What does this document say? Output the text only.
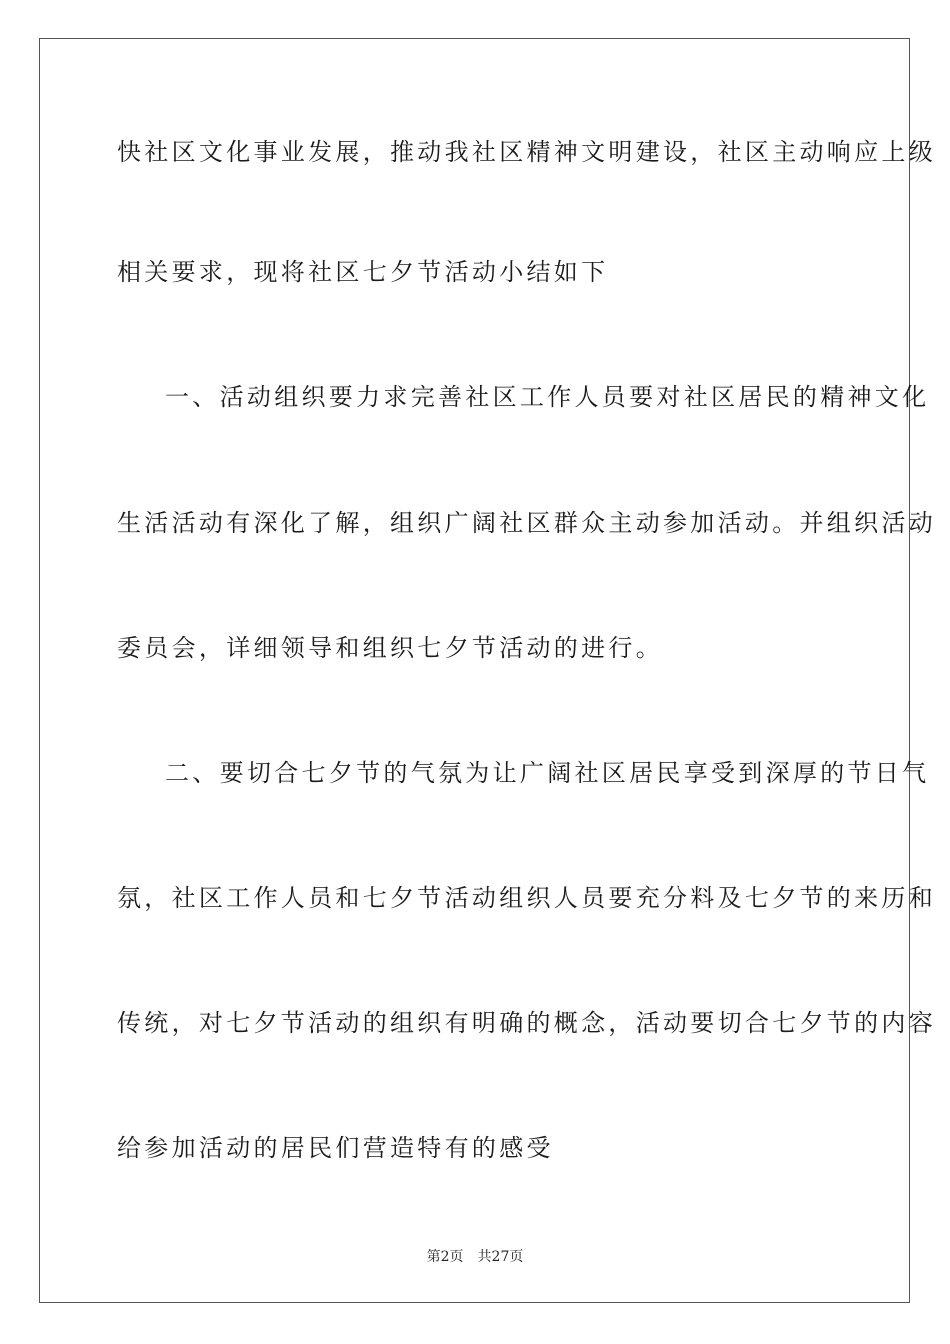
快社区文化事业发展，推动我社区精神文明建设，社区主动响应上级

相关要求，现将社区七夕节活动小结如下

一、活动组织要力求完善社区工作人员要对社区居民的精神文化

生活活动有深化了解，组织广阔社区群众主动参加活动。并组织活动

委员会，详细领导和组织七夕节活动的进行。

二、要切合七夕节的气氛为让广阔社区居民享受到深厚的节日气

氛，社区工作人员和七夕节活动组织人员要充分料及七夕节的来历和

传统，对七夕节活动的组织有明确的概念，活动要切合七夕节的内容

给参加活动的居民们营造特有的感受

第2页 共27页
